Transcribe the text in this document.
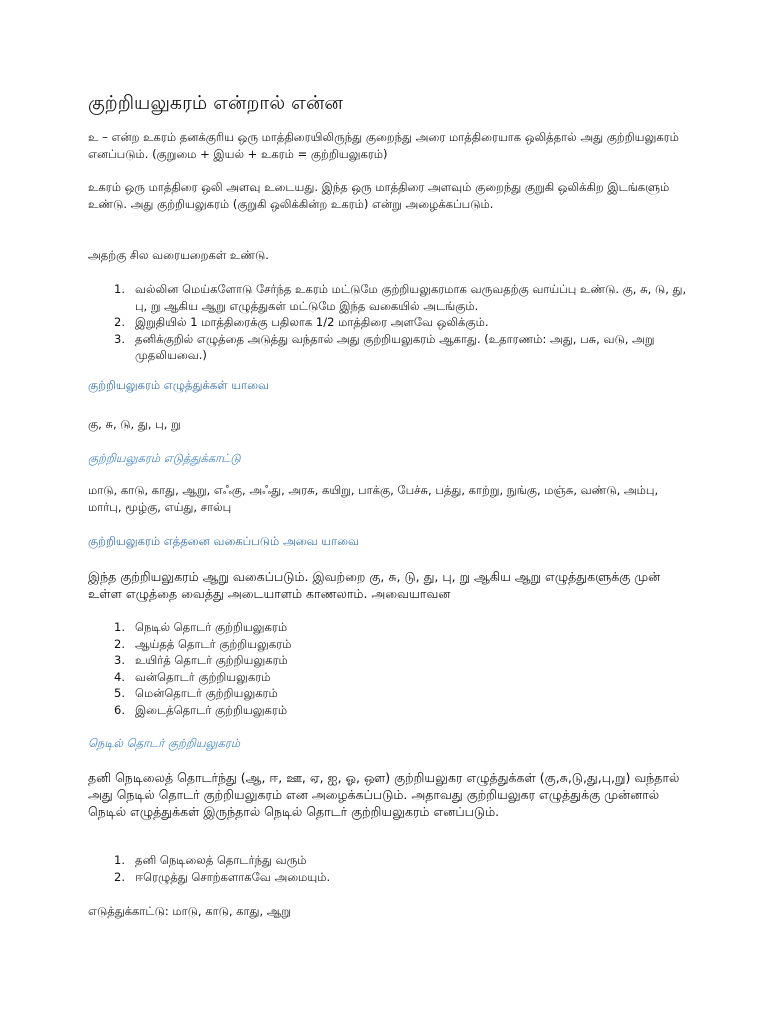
குற்றியலுகரம் என்றால் என்ன

உ – என்ற உகரம் தனக்குரிய ஒரு மாத்திரையிலிருந்து குறைந்து அரை மாத்திரையாக ஒலித்தால் அது குற்றியலுகரம் எனப்படும். (குறுமை + இயல் + உகரம் = குற்றியலுகரம்)

உகரம் ஒரு மாத்திரை ஒலி அளவு உடையது. இந்த ஒரு மாத்திரை அளவும் குறைந்து குறுகி ஒலிக்கிற இடங்களும் உண்டு. அது குற்றியலுகரம் (குறுகி ஒலிக்கின்ற உகரம்) என்று அழைக்கப்படும்.

அதற்கு சில வரையறைகள் உண்டு.

1. வல்லின மெய்களோடு சேர்ந்த உகரம் மட்டுமே குற்றியலுகரமாக வருவதற்கு வாய்ப்பு உண்டு. கு, சு, டு, து, பு, று ஆகிய ஆறு எழுத்துகள் மட்டுமே இந்த வகையில் அடங்கும்.
2. இறுதியில் 1 மாத்திரைக்கு பதிலாக 1/2 மாத்திரை அளவே ஒலிக்கும்.
3. தனிக்குறில் எழுத்தை அடுத்து வந்தால் அது குற்றியலுகரம் ஆகாது. (உதாரணம்: அது, பசு, வடு, அறு முதலியவை.)
குற்றியலுகரம் எழுத்துக்கள் யாவை

கு, சு, டு, து, பு, று

குற்றியலுகரம் எடுத்துக்காட்டு

மாடு, காடு, காது, ஆறு, எஃகு, அஃது, அரசு, கயிறு, பாக்கு, பேச்சு, பத்து, காற்று, நுங்கு, மஞ்சு, வண்டு, அம்பு, மார்பு, மூழ்கு, எய்து, சால்பு

குற்றியலுகரம் எத்தனை வகைப்படும் அவை யாவை

இந்த குற்றியலுகரம் ஆறு வகைப்படும். இவற்றை கு, சு, டு, து, பு, று ஆகிய ஆறு எழுத்துகளுக்கு முன் உள்ள எழுத்தை வைத்து அடையாளம் காணலாம். அவையாவன

1. நெடில் தொடர் குற்றியலுகரம்
2. ஆய்தத் தொடர் குற்றியலுகரம்
3. உயிர்த் தொடர் குற்றியலுகரம்
4. வன்தொடர் குற்றியலுகரம்
5. மென்தொடர் குற்றியலுகரம்
6. இடைத்தொடர் குற்றியலுகரம்
நெடில் தொடர் குற்றியலுகரம்

தனி நெடிலைத் தொடர்ந்து (ஆ, ஈ, ஊ, ஏ, ஐ, ஓ, ஔ) குற்றியலுகர எழுத்துக்கள் (கு,சு,டு,து,பு,று) வந்தால் அது நெடில் தொடர் குற்றியலுகரம் என அழைக்கப்படும். அதாவது குற்றியலுகர எழுத்துக்கு முன்னால் நெடில் எழுத்துக்கள் இருந்தால் நெடில் தொடர் குற்றியலுகரம் எனப்படும்.

1. தனி நெடிலைத் தொடர்ந்து வரும்
2. ஈரெழுத்து சொற்களாகவே அமையும்.

எடுத்துக்காட்டு: மாடு, காடு, காது, ஆறு
